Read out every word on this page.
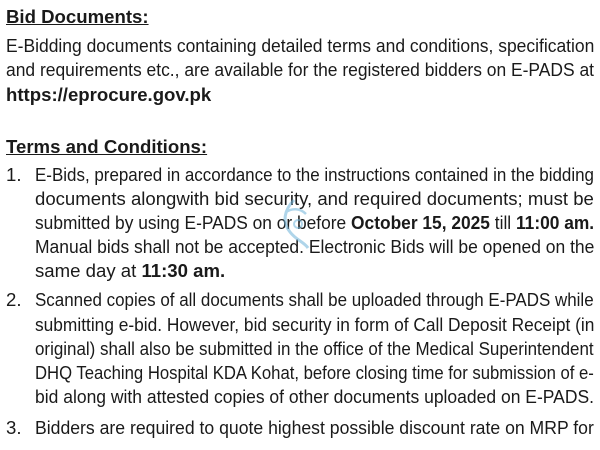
Bid Documents:
E-Bidding documents containing detailed terms and conditions, specification
and requirements etc., are available for the registered bidders on E-PADS at
https://eprocure.gov.pk
Terms and Conditions:
1. E-Bids, prepared in accordance to the instructions contained in the bidding
documents alongwith bid security, and required documents; must be
submitted by using E-PADS on or before October 15, 2025 till 11:00 am.
Manual bids shall not be accepted. Electronic Bids will be opened on the
same day at 11:30 am.
2. Scanned copies of all documents shall be uploaded through E-PADS while
submitting e-bid. However, bid security in form of Call Deposit Receipt (in
original) shall also be submitted in the office of the Medical Superintendent
DHQ Teaching Hospital KDA Kohat, before closing time for submission of e-
bid along with attested copies of other documents uploaded on E-PADS.
3. Bidders are required to quote highest possible discount rate on MRP for
